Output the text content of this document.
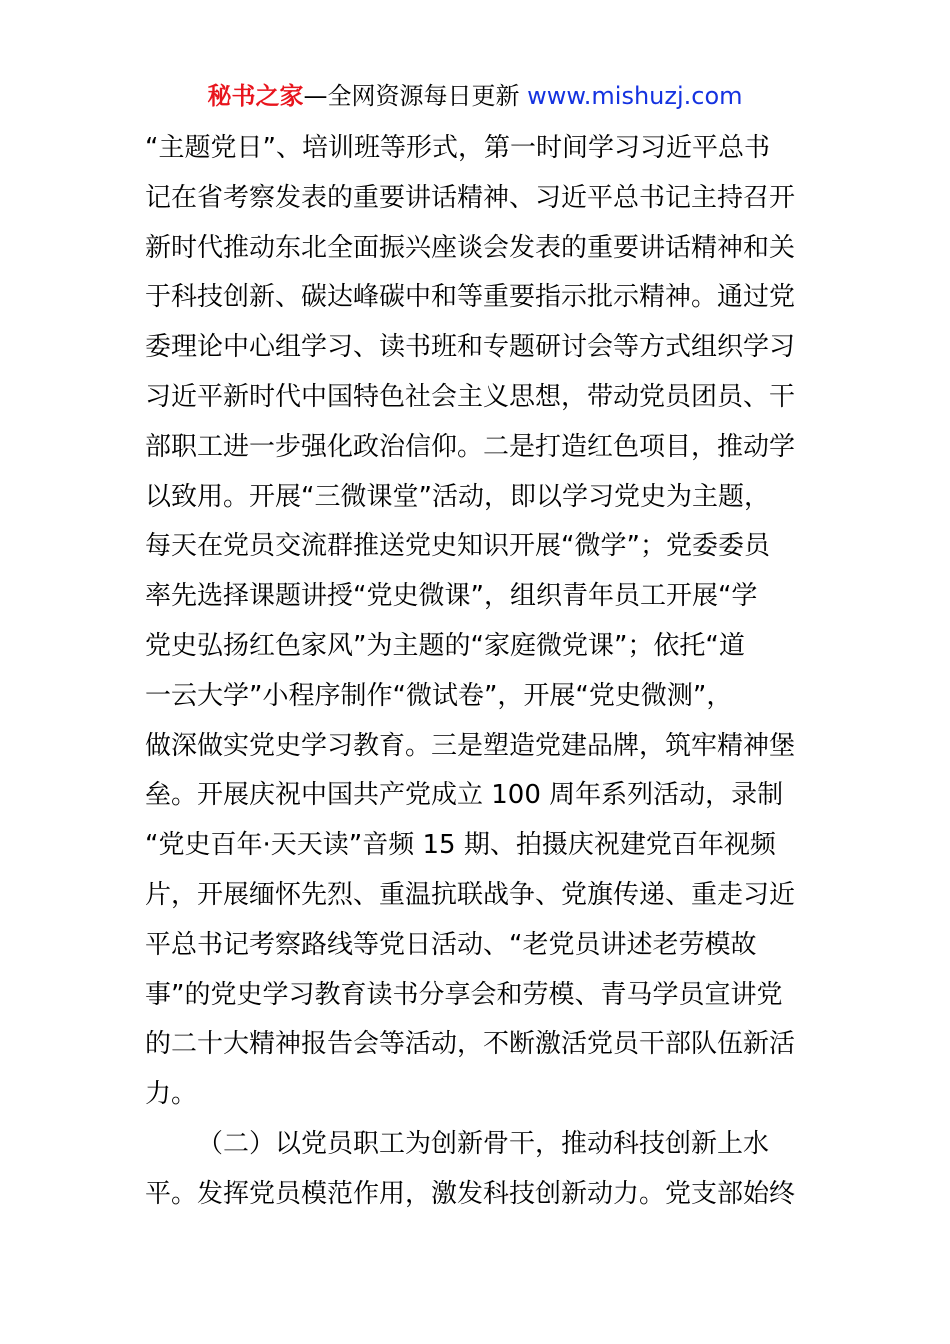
秘书之家—全网资源每日更新 www.mishuzj.com
“主题党日”、培训班等形式，第一时间学习习近平总书
记在省考察发表的重要讲话精神、习近平总书记主持召开
新时代推动东北全面振兴座谈会发表的重要讲话精神和关
于科技创新、碳达峰碳中和等重要指示批示精神。通过党
委理论中心组学习、读书班和专题研讨会等方式组织学习
习近平新时代中国特色社会主义思想，带动党员团员、干
部职工进一步强化政治信仰。二是打造红色项目，推动学
以致用。开展“三微课堂”活动，即以学习党史为主题，
每天在党员交流群推送党史知识开展“微学”；党委委员
率先选择课题讲授“党史微课”，组织青年员工开展“学
党史弘扬红色家风”为主题的“家庭微党课”；依托“道
一云大学”小程序制作“微试卷”，开展“党史微测”，
做深做实党史学习教育。三是塑造党建品牌，筑牢精神堡
垒。开展庆祝中国共产党成立 100 周年系列活动，录制
“党史百年·天天读”音频 15 期、拍摄庆祝建党百年视频
片，开展缅怀先烈、重温抗联战争、党旗传递、重走习近
平总书记考察路线等党日活动、“老党员讲述老劳模故
事”的党史学习教育读书分享会和劳模、青马学员宣讲党
的二十大精神报告会等活动，不断激活党员干部队伍新活
力。
（二）以党员职工为创新骨干，推动科技创新上水
平。发挥党员模范作用，激发科技创新动力。党支部始终
